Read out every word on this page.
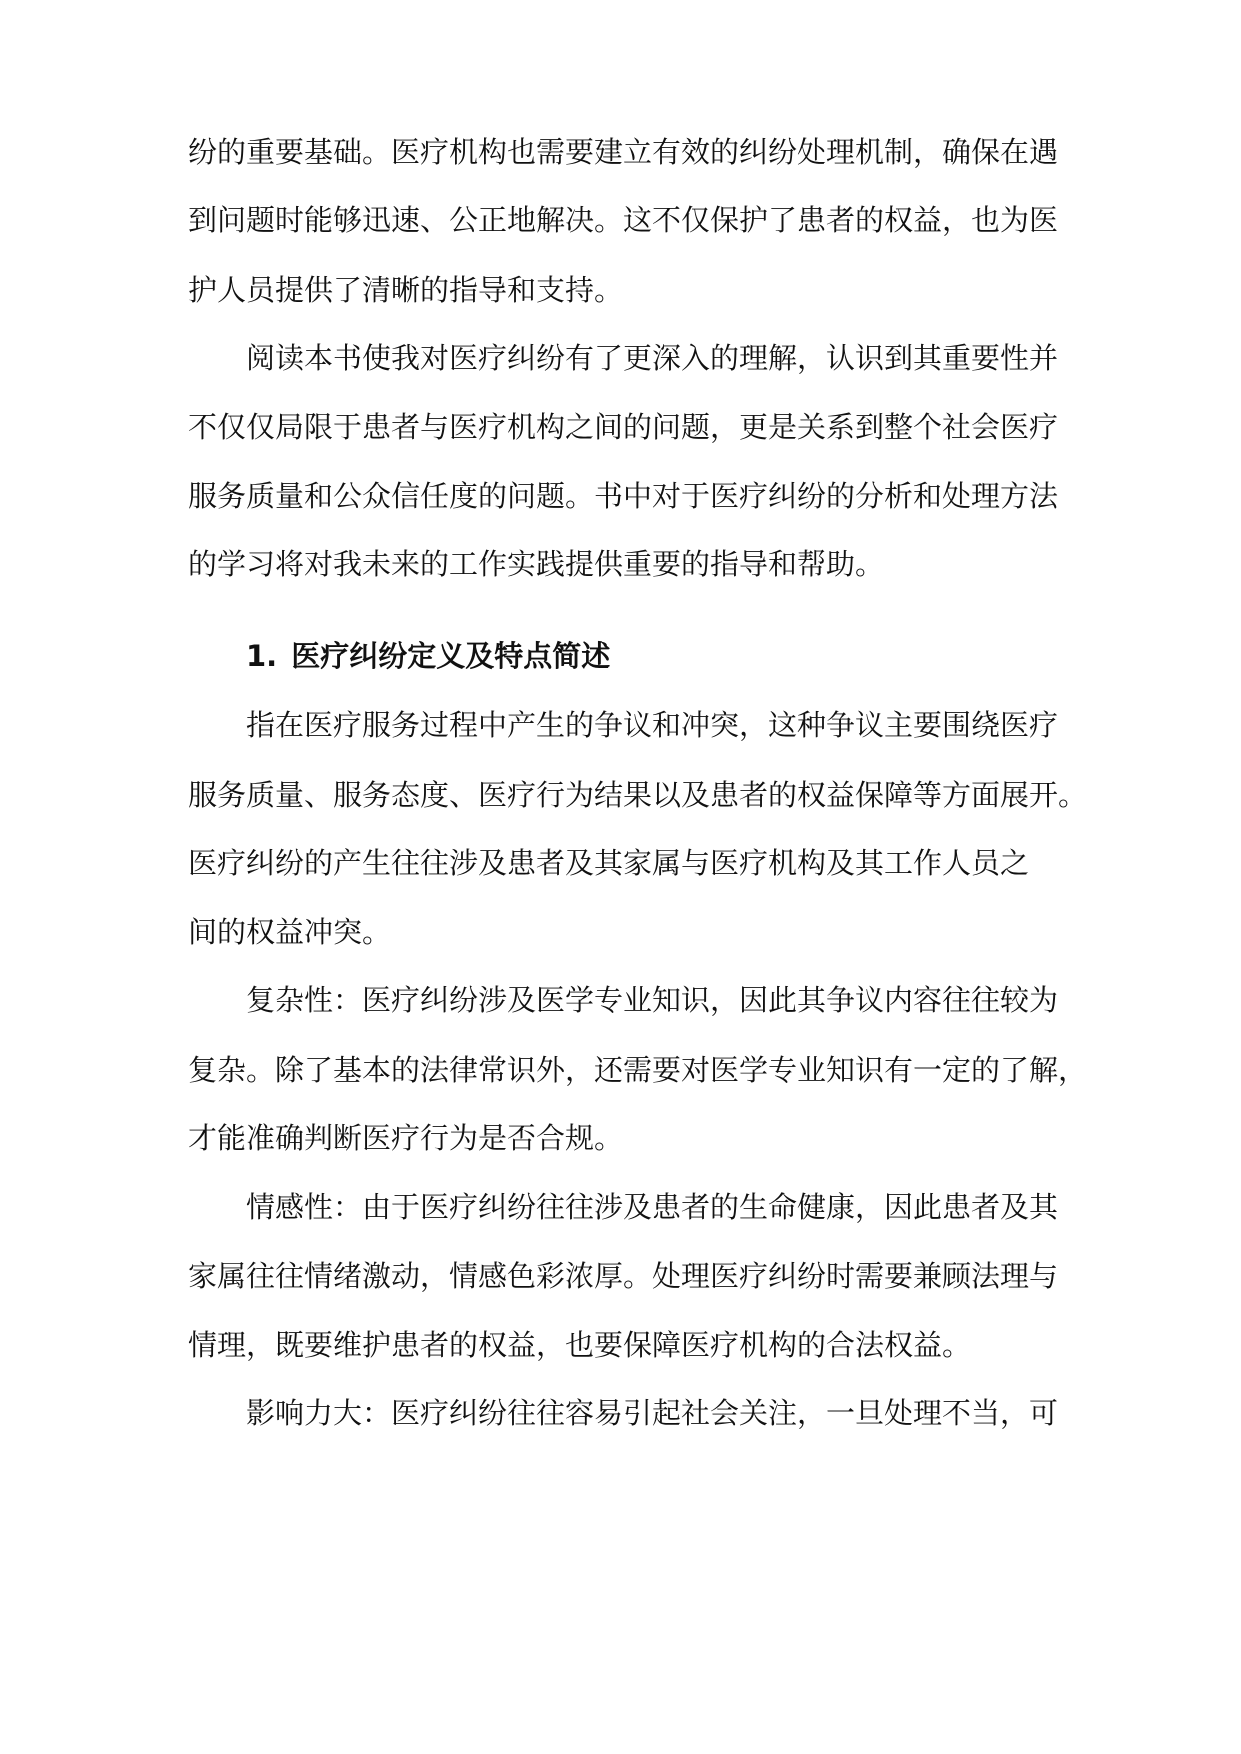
纷的重要基础。医疗机构也需要建立有效的纠纷处理机制，确保在遇
到问题时能够迅速、公正地解决。这不仅保护了患者的权益，也为医
护人员提供了清晰的指导和支持。
阅读本书使我对医疗纠纷有了更深入的理解，认识到其重要性并
不仅仅局限于患者与医疗机构之间的问题，更是关系到整个社会医疗
服务质量和公众信任度的问题。书中对于医疗纠纷的分析和处理方法
的学习将对我未来的工作实践提供重要的指导和帮助。
1. 医疗纠纷定义及特点简述
指在医疗服务过程中产生的争议和冲突，这种争议主要围绕医疗
服务质量、服务态度、医疗行为结果以及患者的权益保障等方面展开。
医疗纠纷的产生往往涉及患者及其家属与医疗机构及其工作人员之
间的权益冲突。
复杂性：医疗纠纷涉及医学专业知识，因此其争议内容往往较为
复杂。除了基本的法律常识外，还需要对医学专业知识有一定的了解，
才能准确判断医疗行为是否合规。
情感性：由于医疗纠纷往往涉及患者的生命健康，因此患者及其
家属往往情绪激动，情感色彩浓厚。处理医疗纠纷时需要兼顾法理与
情理，既要维护患者的权益，也要保障医疗机构的合法权益。
影响力大：医疗纠纷往往容易引起社会关注，一旦处理不当，可
